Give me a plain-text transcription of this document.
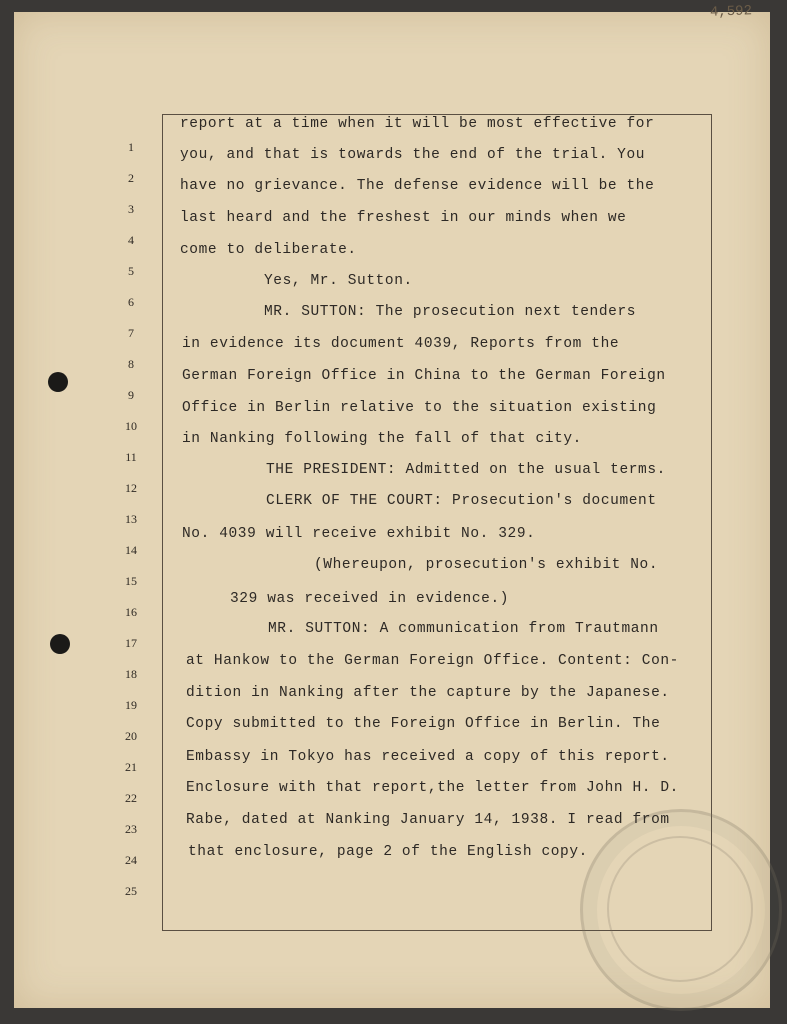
4,592
1
2
3
4
5
6
7
8
9
10
11
12
13
14
15
16
17
18
19
20
21
22
23
24
25
report at a time when it will be most effective for
you, and that is towards the end of the trial. You
have no grievance. The defense evidence will be the
last heard and the freshest in our minds when we
come to deliberate.
Yes, Mr. Sutton.
MR. SUTTON: The prosecution next tenders
in evidence its document 4039, Reports from the
German Foreign Office in China to the German Foreign
Office in Berlin relative to the situation existing
in Nanking following the fall of that city.
THE PRESIDENT: Admitted on the usual terms.
CLERK OF THE COURT: Prosecution's document
No. 4039 will receive exhibit No. 329.
(Whereupon, prosecution's exhibit No.
329 was received in evidence.)
MR. SUTTON: A communication from Trautmann
at Hankow to the German Foreign Office. Content: Con-
dition in Nanking after the capture by the Japanese.
Copy submitted to the Foreign Office in Berlin. The
Embassy in Tokyo has received a copy of this report.
Enclosure with that report,the letter from John H. D.
Rabe, dated at Nanking January 14, 1938. I read from
that enclosure, page 2 of the English copy.
